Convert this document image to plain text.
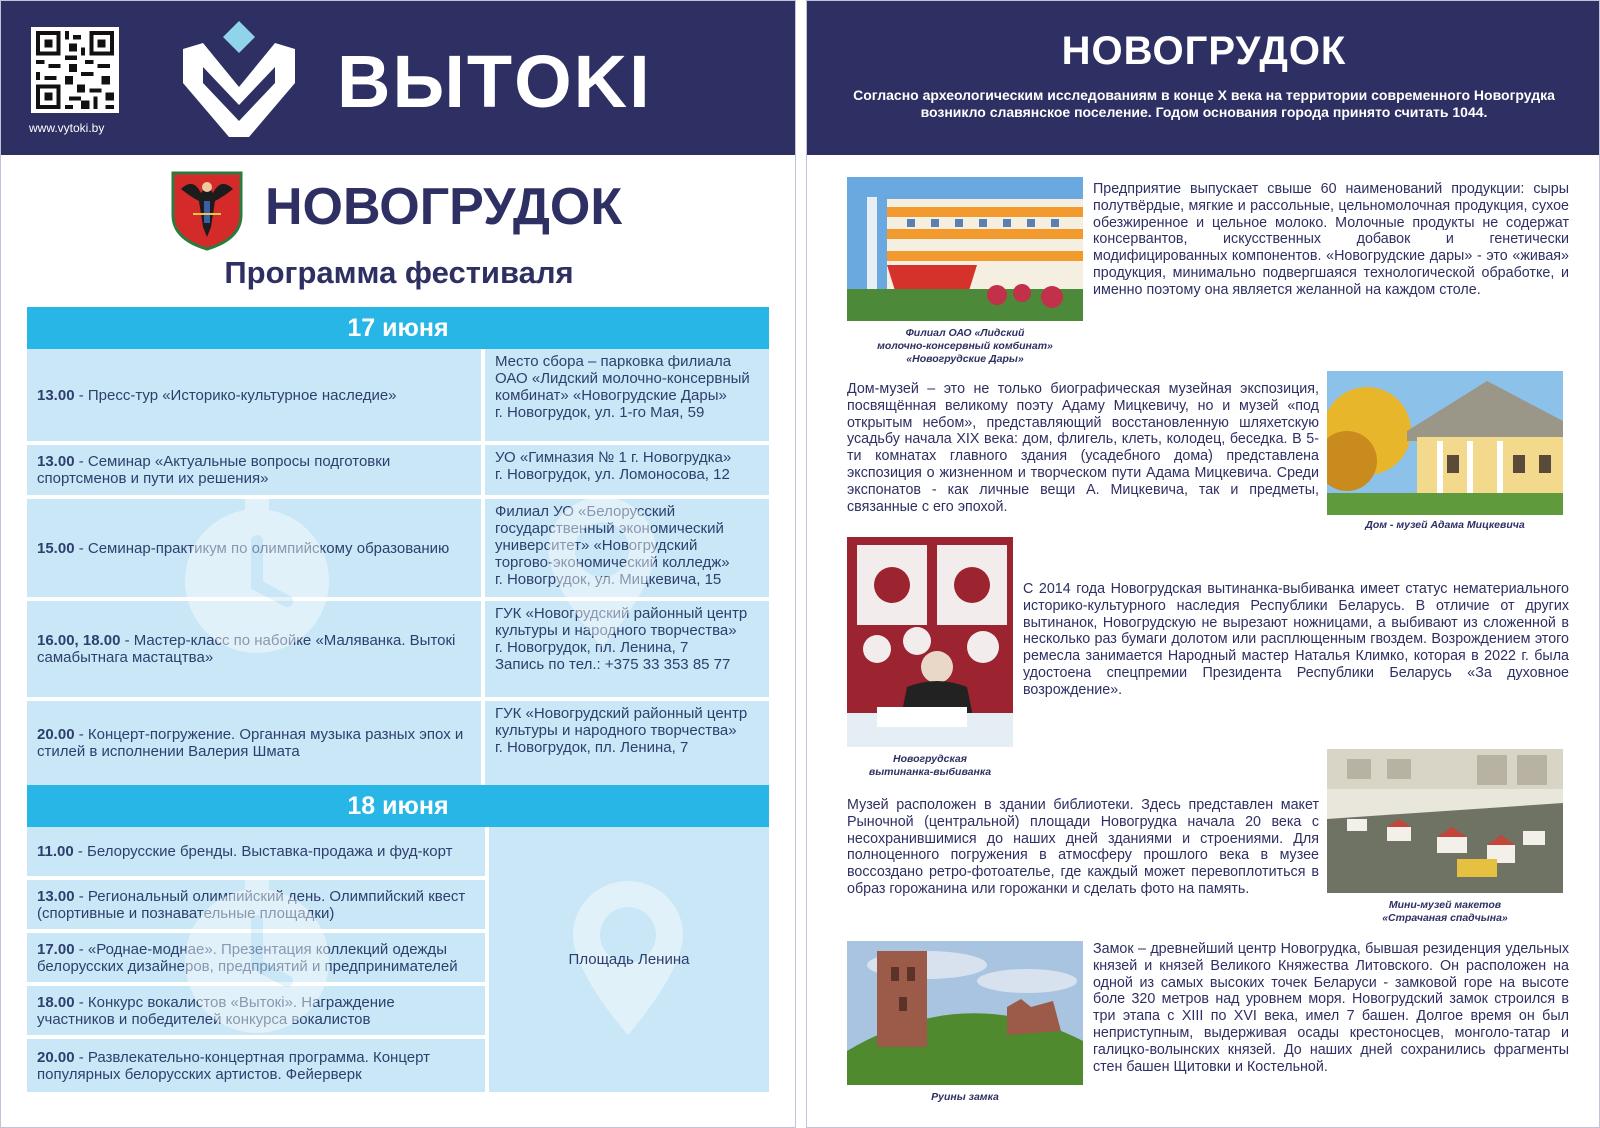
www.vytoki.by
ВЫТOKI
НОВОГРУДОК
Программа фестиваля
17 июня
13.00 - Пресс-тур «Историко-культурное наследие»
Место сбора – парковка филиала ОАО «Лидский молочно-консервный комбинат» «Новогрудские Дары»
г. Новогрудок, ул. 1-го Мая, 59
13.00 - Семинар «Актуальные вопросы подготовки спортсменов и пути их решения»
УО «Гимназия № 1 г. Новогрудка»
г. Новогрудок, ул. Ломоносова, 12
15.00 - Семинар-практикум по олимпийскому образованию
Филиал УО «Белорусский государственный экономический университет» «Новогрудский торгово-экономический колледж»
г. Новогрудок, ул. Мицкевича, 15
16.00, 18.00 - Мастер-класс по набойке «Маляванка. Вытокі самабытнага мастацтва»
ГУК «Новогрудский районный центр культуры и народного творчества»
г. Новогрудок, пл. Ленина, 7
Запись по тел.: +375 33 353 85 77
20.00 - Концерт-погружение. Органная музыка разных эпох и стилей в исполнении Валерия Шмата
ГУК «Новогрудский районный центр культуры и народного творчества»
г. Новогрудок, пл. Ленина, 7
18 июня
11.00 - Белорусские бренды. Выставка-продажа и фуд-корт
13.00 - Региональный олимпийский день. Олимпийский квест (спортивные и познавательные площадки)
17.00 - «Роднае-моднае». Презентация коллекций одежды белорусских дизайнеров, предприятий и предпринимателей
18.00 - Конкурс вокалистов «Вытокі». Награждение участников и победителей конкурса вокалистов
20.00 - Развлекательно-концертная программа. Концерт популярных белорусских артистов. Фейерверк
Площадь Ленина
НОВОГРУДОК
Согласно археологическим исследованиям в конце X века на территории современного Новогрудка возникло славянское поселение. Годом основания города принято считать 1044.
Филиал ОАО «Лидский
молочно-консервный комбинат»
«Новогрудские Дары»
Предприятие выпускает свыше 60 наименований продукции: сыры полутвёрдые, мягкие и рассольные, цельномолочная продукция, сухое обезжиренное и цельное молоко. Молочные продукты не содержат консервантов, искусственных добавок и генетически модифицированных компонентов. «Новогрудские дары» - это «живая» продукция, минимально подвергшаяся технологической обработке, и именно поэтому она является желанной на каждом столе.
Дом-музей – это не только биографическая музейная экспозиция, посвящённая великому поэту Адаму Мицкевичу, но и музей «под открытым небом», представляющий восстановленную шляхетскую усадьбу начала XIX века: дом, флигель, клеть, колодец, беседка. В 5-ти комнатах главного здания (усадебного дома) представлена экспозиция о жизненном и творческом пути Адама Мицкевича. Среди экспонатов - как личные вещи А. Мицкевича, так и предметы, связанные с его эпохой.
Дом - музей Адама Мицкевича
Новогрудская
вытинанка-выбиванка
С 2014 года Новогрудская вытинанка-выбиванка имеет статус нематериального историко-культурного наследия Республики Беларусь. В отличие от других вытинанок, Новогрудскую не вырезают ножницами, а выбивают из сложенной в несколько раз бумаги долотом или расплющенным гвоздем. Возрождением этого ремесла занимается Народный мастер Наталья Климко, которая в 2022 г. была удостоена спецпремии Президента Республики Беларусь «За духовное возрождение».
Музей расположен в здании библиотеки. Здесь представлен макет Рыночной (центральной) площади Новогрудка начала 20 века с несохранившимися до наших дней зданиями и строениями. Для полноценного погружения в атмосферу прошлого века в музее воссоздано ретро-фотоателье, где каждый может перевоплотиться в образ горожанина или горожанки и сделать фото на память.
Мини-музей макетов
«Страчаная спадчына»
Руины замка
Замок – древнейший центр Новогрудка, бывшая резиденция удельных князей и князей Великого Княжества Литовского. Он расположен на одной из самых высоких точек Беларуси - замковой горе на высоте боле 320 метров над уровнем моря. Новогрудский замок строился в три этапа с XIII по XVI века, имел 7 башен. Долгое время он был неприступным, выдерживая осады крестоносцев, монголо-татар и галицко-волынских князей. До наших дней сохранились фрагменты стен башен Щитовки и Костельной.
